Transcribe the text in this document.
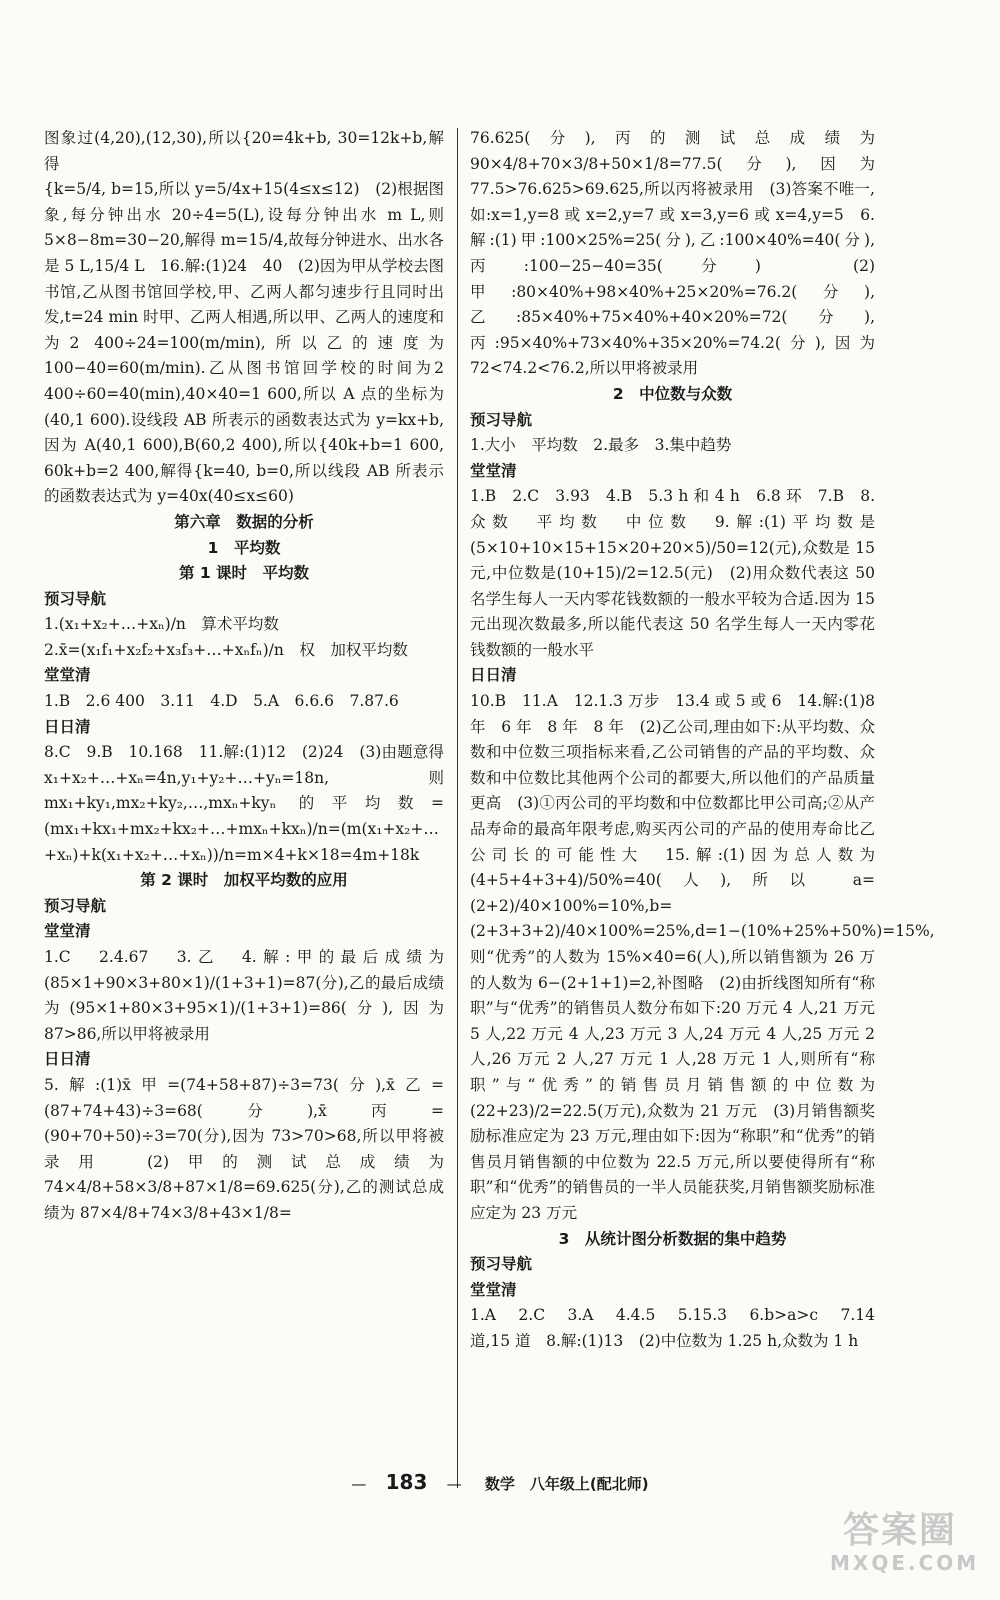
图象过(4,20),(12,30),所以{20=4k+b, 30=12k+b,解得
{k=5/4, b=15,所以 y=5/4x+15(4≤x≤12)　(2)根据图象,每分钟出水 20÷4=5(L),设每分钟出水 m L,则 5×8−8m=30−20,解得 m=15/4,故每分钟进水、出水各是 5 L,15/4 L　16.解:(1)24　40　(2)因为甲从学校去图书馆,乙从图书馆回学校,甲、乙两人都匀速步行且同时出发,t=24 min 时甲、乙两人相遇,所以甲、乙两人的速度和为2 400÷24=100(m/min),所以乙的速度为 100−40=60(m/min).乙从图书馆回学校的时间为2 400÷60=40(min),40×40=1 600,所以 A 点的坐标为(40,1 600).设线段 AB 所表示的函数表达式为 y=kx+b,因为 A(40,1 600),B(60,2 400),所以{40k+b=1 600, 60k+b=2 400,解得{k=40, b=0,所以线段 AB 所表示的函数表达式为 y=40x(40≤x≤60)
第六章　数据的分析
1　平均数
第 1 课时　平均数
预习导航
1.(x₁+x₂+…+xₙ)/n　算术平均数
2.x̄=(x₁f₁+x₂f₂+x₃f₃+…+xₙfₙ)/n　权　加权平均数
堂堂清
1.B　2.6 400　3.11　4.D　5.A　6.6.6　7.87.6
日日清
8.C　9.B　10.168　11.解:(1)12　(2)24　(3)由题意得 x₁+x₂+…+xₙ=4n,y₁+y₂+…+yₙ=18n,则 mx₁+ky₁,mx₂+ky₂,…,mxₙ+kyₙ 的平均数=(mx₁+kx₁+mx₂+kx₂+…+mxₙ+kxₙ)/n=(m(x₁+x₂+…+xₙ)+k(x₁+x₂+…+xₙ))/n=m×4+k×18=4m+18k
第 2 课时　加权平均数的应用
预习导航
堂堂清
1.C　2.4.67　3.乙　4.解:甲的最后成绩为(85×1+90×3+80×1)/(1+3+1)=87(分),乙的最后成绩为(95×1+80×3+95×1)/(1+3+1)=86(分),因为 87>86,所以甲将被录用
日日清
5.解:(1)x̄甲=(74+58+87)÷3=73(分),x̄乙=(87+74+43)÷3=68(分),x̄丙=(90+70+50)÷3=70(分),因为 73>70>68,所以甲将被录用　(2)甲的测试总成绩为 74×4/8+58×3/8+87×1/8=69.625(分),乙的测试总成绩为 87×4/8+74×3/8+43×1/8=
76.625(分),丙的测试总成绩为 90×4/8+70×3/8+50×1/8=77.5(分),因为 77.5>76.625>69.625,所以丙将被录用　(3)答案不唯一,如:x=1,y=8 或 x=2,y=7 或 x=3,y=6 或 x=4,y=5　6.解:(1)甲:100×25%=25(分),乙:100×40%=40(分),丙:100−25−40=35(分)　(2)甲:80×40%+98×40%+25×20%=76.2(分),乙:85×40%+75×40%+40×20%=72(分),丙:95×40%+73×40%+35×20%=74.2(分),因为 72<74.2<76.2,所以甲将被录用
2　中位数与众数
预习导航
1.大小　平均数　2.最多　3.集中趋势
堂堂清
1.B　2.C　3.93　4.B　5.3 h 和 4 h　6.8 环　7.B　8.众数　平均数　中位数　9.解:(1)平均数是(5×10+10×15+15×20+20×5)/50=12(元),众数是 15 元,中位数是(10+15)/2=12.5(元)　(2)用众数代表这 50 名学生每人一天内零花钱数额的一般水平较为合适.因为 15 元出现次数最多,所以能代表这 50 名学生每人一天内零花钱数额的一般水平
日日清
10.B　11.A　12.1.3 万步　13.4 或 5 或 6　14.解:(1)8 年　6 年　8 年　8 年　(2)乙公司,理由如下:从平均数、众数和中位数三项指标来看,乙公司销售的产品的平均数、众数和中位数比其他两个公司的都要大,所以他们的产品质量更高　(3)①丙公司的平均数和中位数都比甲公司高;②从产品寿命的最高年限考虑,购买丙公司的产品的使用寿命比乙公司长的可能性大　15.解:(1)因为总人数为(4+5+4+3+4)/50%=40(人),所以 a=(2+2)/40×100%=10%,b=(2+3+3+2)/40×100%=25%,d=1−(10%+25%+50%)=15%,则“优秀”的人数为 15%×40=6(人),所以销售额为 26 万的人数为 6−(2+1+1)=2,补图略　(2)由折线图知所有“称职”与“优秀”的销售员人数分布如下:20 万元 4 人,21 万元 5 人,22 万元 4 人,23 万元 3 人,24 万元 4 人,25 万元 2 人,26 万元 2 人,27 万元 1 人,28 万元 1 人,则所有“称职”与“优秀”的销售员月销售额的中位数为(22+23)/2=22.5(万元),众数为 21 万元　(3)月销售额奖励标准应定为 23 万元,理由如下:因为“称职”和“优秀”的销售员月销售额的中位数为 22.5 万元,所以要使得所有“称职”和“优秀”的销售员的一半人员能获奖,月销售额奖励标准应定为 23 万元
3　从统计图分析数据的集中趋势
预习导航
堂堂清
1.A　2.C　3.A　4.4.5　5.15.3　6.b>a>c　7.14 道,15 道　8.解:(1)13　(2)中位数为 1.25 h,众数为 1 h
— 183 — 数学　八年级上(配北师)
答案圈
MXQE.COM
